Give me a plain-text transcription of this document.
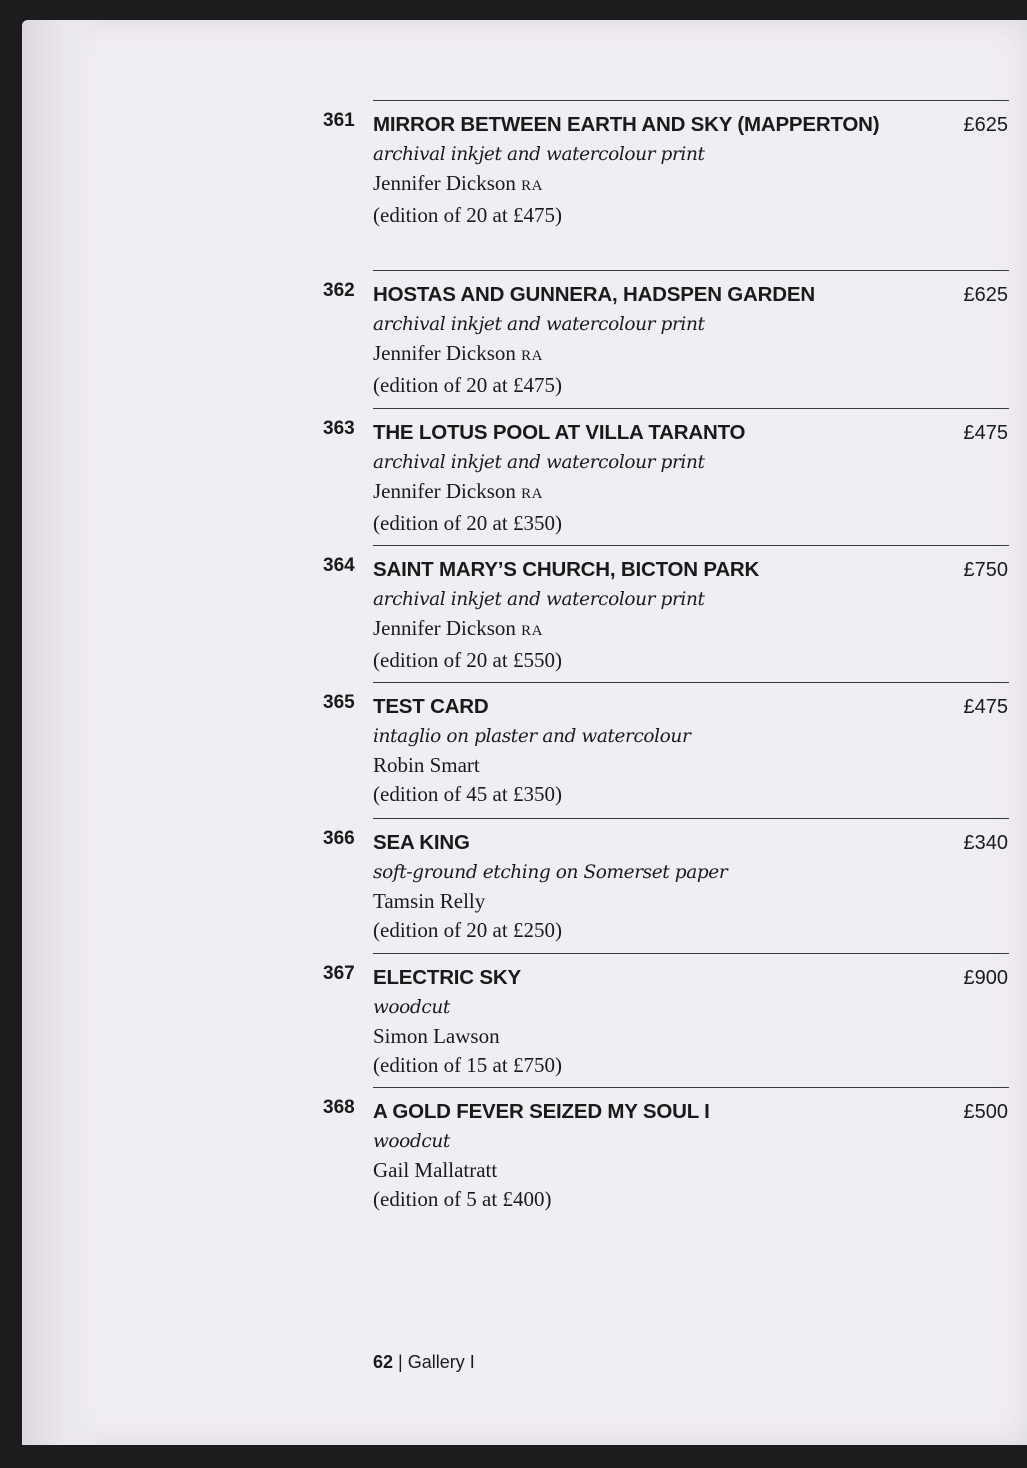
361 MIRROR BETWEEN EARTH AND SKY (MAPPERTON)	£625
archival inkjet and watercolour print
Jennifer Dickson RA
(edition of 20 at £475)
362 HOSTAS AND GUNNERA, HADSPEN GARDEN	£625
archival inkjet and watercolour print
Jennifer Dickson RA
(edition of 20 at £475)
363 THE LOTUS POOL AT VILLA TARANTO	£475
archival inkjet and watercolour print
Jennifer Dickson RA
(edition of 20 at £350)
364 SAINT MARY’S CHURCH, BICTON PARK	£750
archival inkjet and watercolour print
Jennifer Dickson RA
(edition of 20 at £550)
365 TEST CARD	£475
intaglio on plaster and watercolour
Robin Smart
(edition of 45 at £350)
366 SEA KING	£340
soft-ground etching on Somerset paper
Tamsin Relly
(edition of 20 at £250)
367 ELECTRIC SKY	£900
woodcut
Simon Lawson
(edition of 15 at £750)
368 A GOLD FEVER SEIZED MY SOUL I	£500
woodcut
Gail Mallatratt
(edition of 5 at £400)
62 | Gallery I
